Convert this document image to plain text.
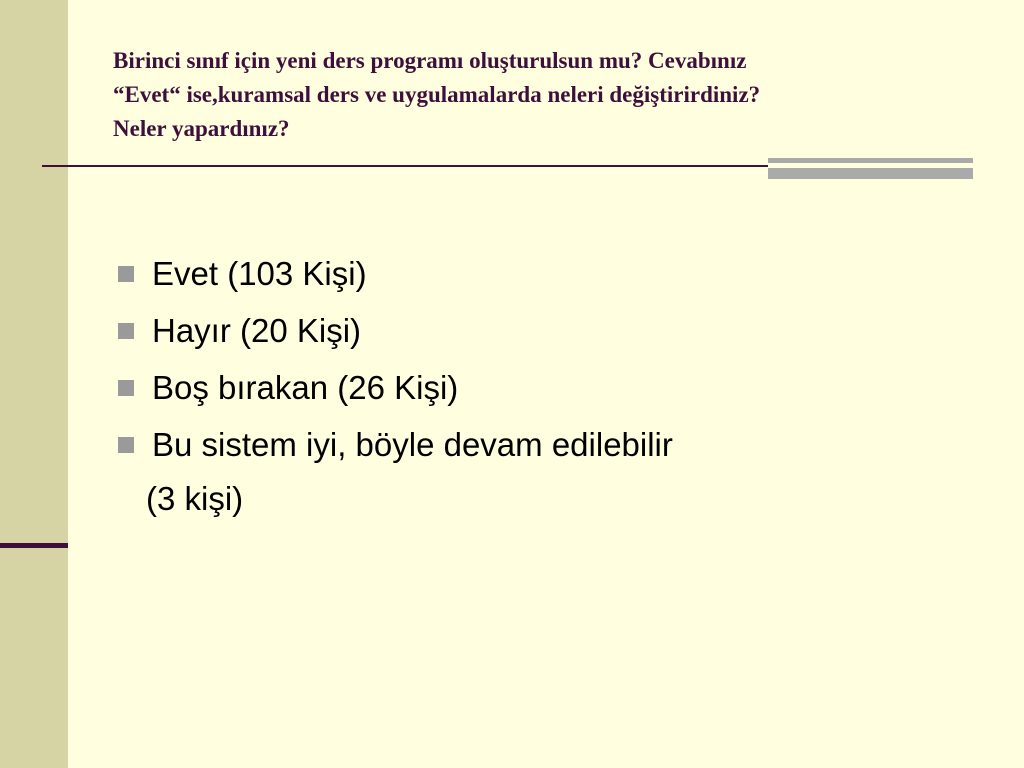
Birinci sınıf için yeni ders programı oluşturulsun mu? Cevabınız
“Evet“ ise,kuramsal ders ve uygulamalarda neleri değiştirirdiniz?
Neler yapardınız?
Evet (103 Kişi)
Hayır (20 Kişi)
Boş bırakan (26 Kişi)
Bu sistem iyi, böyle devam edilebilir
(3 kişi)
